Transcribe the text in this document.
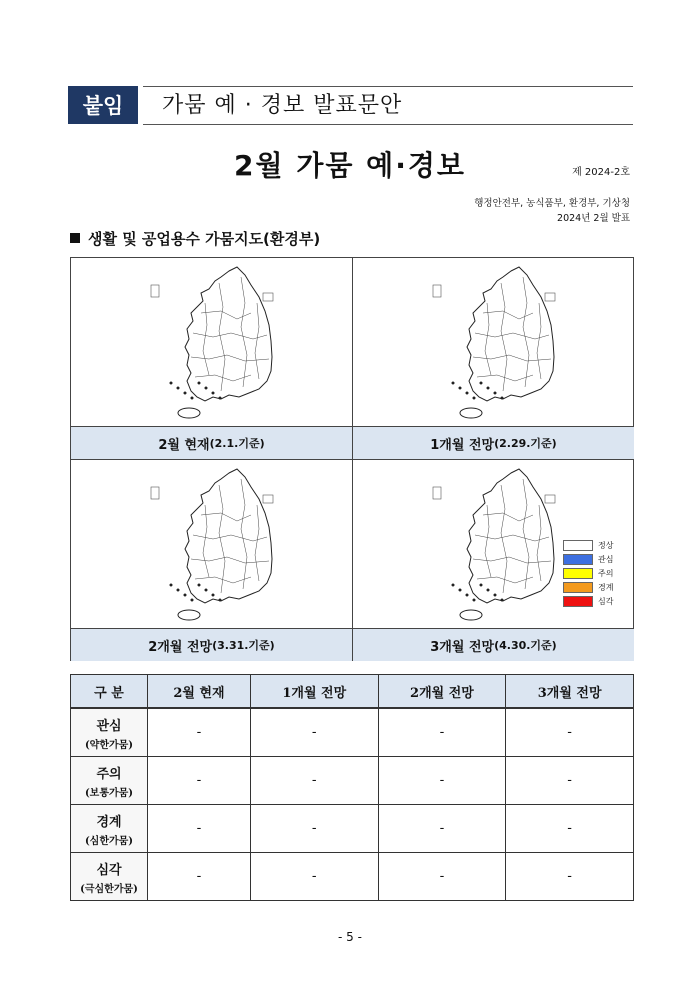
붙임	가뭄 예 · 경보 발표문안
2월 가뭄 예·경보	제 2024-2호
행정안전부, 농식품부, 환경부, 기상청
2024년 2월 발표
생활 및 공업용수 가뭄지도(환경부)
2월 현재 (2.1.기준)	1개월 전망 (2.29.기준)
2개월 전망 (3.31.기준)
정상
관심
주의
경계
심각
3개월 전망 (4.30.기준)
구 분	2월 현재	1개월 전망	2개월 전망	3개월 전망

관심
(약한가뭄)	-	-	-	-

주의
(보통가뭄)	-	-	-	-

경계
(심한가뭄)	-	-	-	-

심각
(극심한가뭄)	-	-	-	-
- 5 -
